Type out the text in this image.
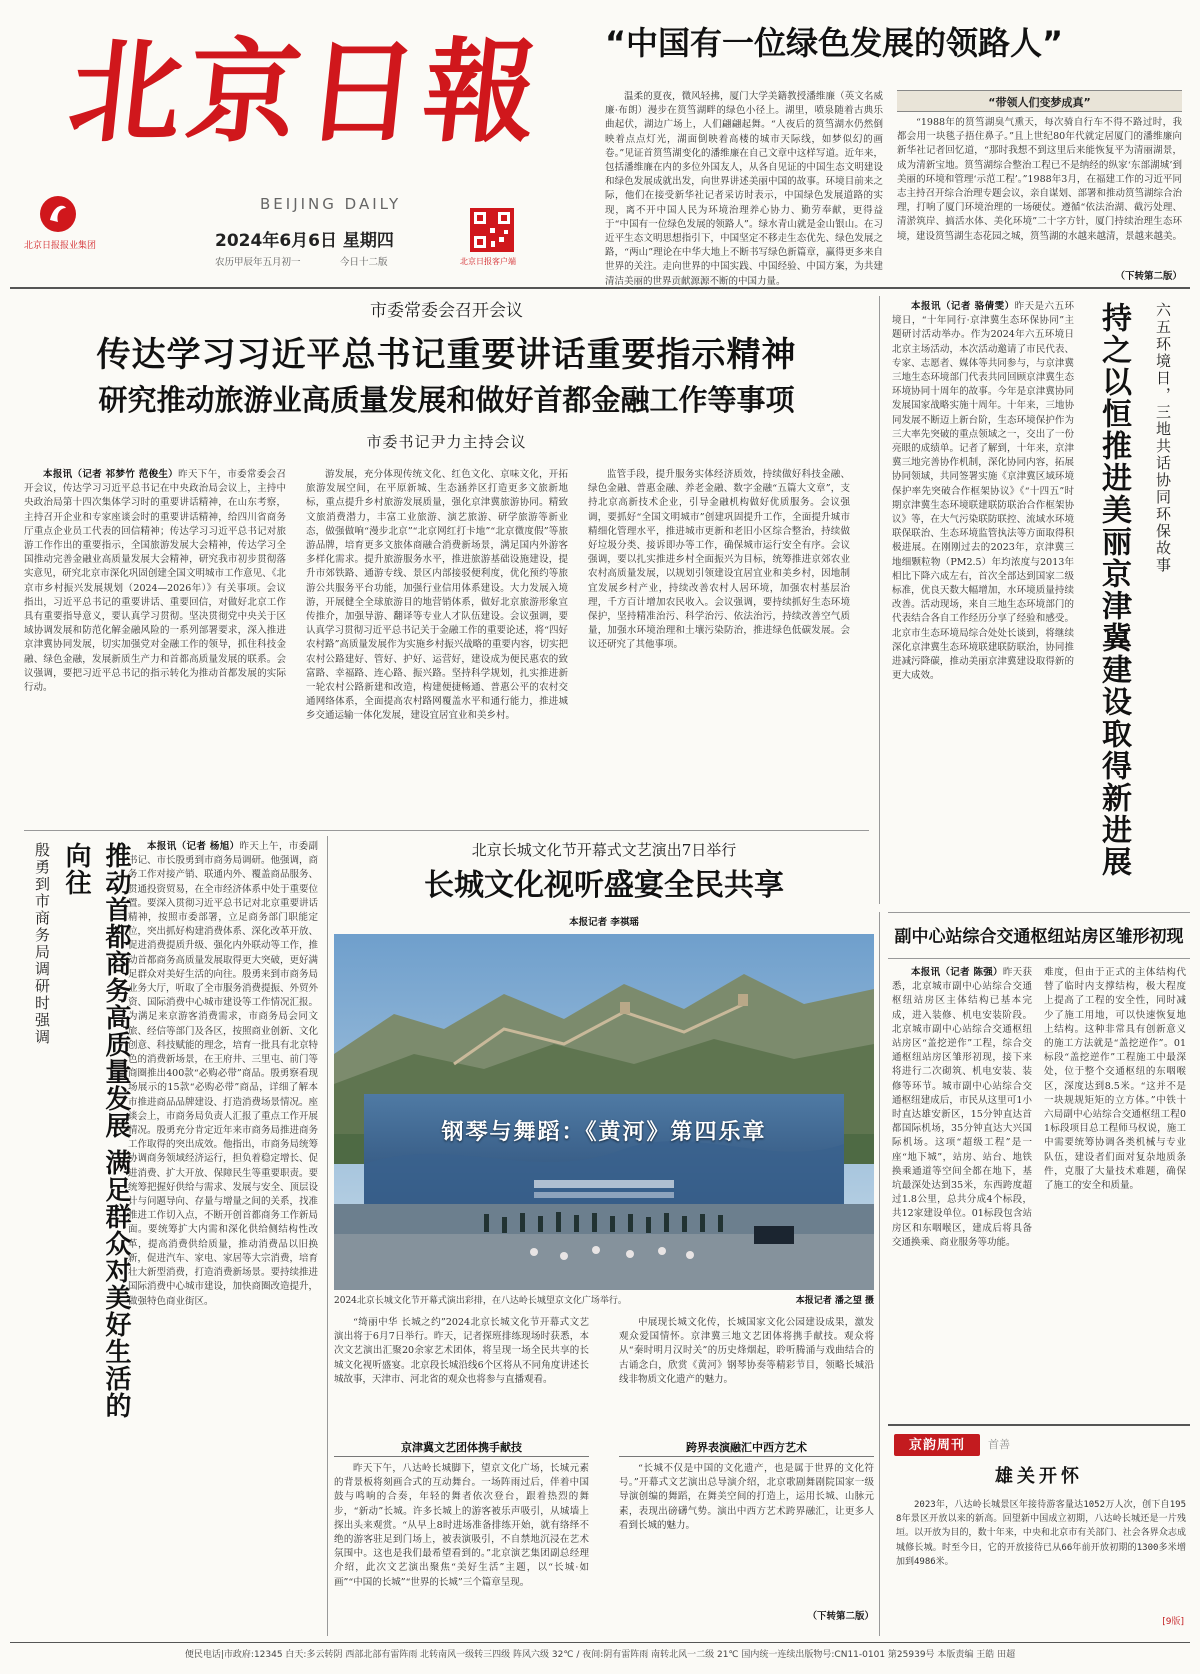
北京日報
BEIJING DAILY
北京日报报业集团	2024年6月6日 星期四
农历甲辰年五月初一	今日十二版	北京日报客户端
“中国有一位绿色发展的领路人”
温柔的夏夜，微风轻拂，厦门大学美籍教授潘维廉（英文名威廉·布朗）漫步在筼筜湖畔的绿色小径上。湖里，喷泉随着古典乐曲起伏，湖边广场上，人们翩翩起舞。“人夜后的筼筜湖水仍然倒映着点点灯光，湖面倒映着高楼的城市天际线，如梦似幻的画卷。”见证首筼筜湖变化的潘维廉在自己文章中这样写道。近年来，包括潘维廉在内的多位外国友人，从各自见证的中国生态文明建设和绿色发展成就出发，向世界讲述美丽中国的故事。环境目前来之际，他们在接受新华社记者采访时表示，中国绿色发展道路的实现，离不开中国人民为环境治理养心协力、勤劳奉献，更得益于“中国有一位绿色发展的领路人”。绿水青山就是金山银山。在习近平生态文明思想指引下，中国坚定不移走生态优先、绿色发展之路，“两山”理论在中华大地上不断书写绿色新篇章，赢得更多来自世界的关注。走向世界的中国实践、中国经验、中国方案，为共建清洁美丽的世界贡献源源不断的中国力量。
“带领人们变梦成真”
“1988年的筼筜湖臭气熏天，每次骑自行车不得不路过时，我都会用一块毯子捂住鼻子。”且上世纪80年代就定居厦门的潘维廉向新华社记者回忆道，“那时我想不到这里后来能恢复平为清丽湖景，成为清新宝地。筼筜湖综合整治工程已不是纳经的纵家‘东部湖城’到美丽的环境和管理‘示范工程’。”1988年3月，在福建工作的习近平同志主持召开综合治理专题会议，亲自谋划、部署和推动筼筜湖综合治理，打响了厦门环境治理的一场硬仗。遵循“依法治湖、截污处理、清淤筑岸、搞活水体、美化环境”二十字方针，厦门持续治理生态环境，建设筼筜湖生态花园之城，筼筜湖的水越来越清，景越来越美。
（下转第二版）
市委常委会召开会议
传达学习习近平总书记重要讲话重要指示精神
研究推动旅游业高质量发展和做好首都金融工作等事项
市委书记尹力主持会议
本报讯（记者 祁梦竹 范俊生）昨天下午，市委常委会召开会议，传达学习习近平总书记在中央政治局会议上，主持中央政治局第十四次集体学习时的重要讲话精神，在山东考察，主持召开企业和专家座谈会时的重要讲话精神，给四川省商务厅重点企业员工代表的回信精神；传达学习习近平总书记对旅游工作作出的重要指示，全国旅游发展大会精神，传达学习全国推动完善金融业高质量发展大会精神，研究我市初步贯彻落实意见，研究北京市深化巩固创建全国文明城市工作意见、《北京市乡村振兴发展规划（2024—2026年）》有关事项。会议指出，习近平总书记的重要讲话、重要回信，对做好北京工作具有重要指导意义，要认真学习贯彻。坚决贯彻党中央关于区域协调发展和防范化解金融风险的一系列部署要求，深入推进京津冀协同发展，切实加强党对金融工作的领导，抓住科技金融、绿色金融，发展新质生产力和首都高质量发展的联系。会议强调，要把习近平总书记的指示转化为推动首都发展的实际行动。
游发展，充分体现传统文化、红色文化、京味文化，开拓旅游发展空间，在平原新城、生态涵养区打造更多文旅新地标，重点提升乡村旅游发展质量，强化京津冀旅游协同。精致文旅消费潜力，丰富工业旅游、演艺旅游、研学旅游等新业态，做强做响“漫步北京”“北京网红打卡地”“北京微度假”等旅游品牌，培育更多文旅体商融合消费新场景，满足国内外游客多样化需求。提升旅游服务水平，推进旅游基础设施建设，提升市郊铁路、通游专线、景区内部接驳便利度，优化预约等旅游公共服务平台功能，加强行业信用体系建设。大力发展入境游，开展健全全球旅游目的地营销体系，做好北京旅游形象宣传推介，加强导游、翻译等专业人才队伍建设。会议强调，要认真学习贯彻习近平总书记关于金融工作的重要论述，将“四好农村路”高质量发展作为实施乡村振兴战略的重要内容，切实把农村公路建好、管好、护好、运营好，建设成为便民惠农的致富路、幸福路、连心路、振兴路。坚持科学规划，扎实推进新一轮农村公路新建和改造，构建便捷畅通、普惠公平的农村交通网络体系，全面提高农村路网覆盖水平和通行能力，推进城乡交通运输一体化发展，建设宜居宜业和美乡村。
监管手段，提升服务实体经济质效，持续做好科技金融、绿色金融、普惠金融、养老金融、数字金融“五篇大文章”，支持北京高新技术企业，引导金融机构做好优质服务。会议强调，要抓好“全国文明城市”创建巩固提升工作，全面提升城市精细化管理水平，推进城市更新和老旧小区综合整治，持续做好垃圾分类、接诉即办等工作，确保城市运行安全有序。会议强调，要以扎实推进乡村全面振兴为目标，统筹推进京郊农业农村高质量发展，以规划引领建设宜居宜业和美乡村，因地制宜发展乡村产业，持续改善农村人居环境，加强农村基层治理，千方百计增加农民收入。会议强调，要持续抓好生态环境保护，坚持精准治污、科学治污、依法治污，持续改善空气质量，加强水环境治理和土壤污染防治，推进绿色低碳发展。会议还研究了其他事项。
本报讯（记者 骆倩雯）昨天是六五环境日，“十年同行·京津冀生态环保协同”主题研讨活动举办。作为2024年六五环境日北京主场活动，本次活动邀请了市民代表、专家、志愿者、媒体等共同参与，与京津冀三地生态环境部门代表共同回顾京津冀生态环境协同十周年的故事。今年是京津冀协同发展国家战略实施十周年。十年来，三地协同发展不断迈上新台阶，生态环境保护作为三大率先突破的重点领域之一，交出了一份亮眼的成绩单。记者了解到，十年来，京津冀三地完善协作机制，深化协同内容，拓展协同领域，共同签署实施《京津冀区域环境保护率先突破合作框架协议》《“十四五”时期京津冀生态环境联建联防联治合作框架协议》等，在大气污染联防联控、流域水环境联保联治、生态环境监管执法等方面取得积极进展。在刚刚过去的2023年，京津冀三地细颗粒物（PM2.5）年均浓度与2013年相比下降六成左右，首次全部达到国家二级标准，优良天数大幅增加，水环境质量持续改善。活动现场，来自三地生态环境部门的代表结合各自工作经历分享了经验和感受。北京市生态环境局综合处处长谈到，将继续深化京津冀生态环境联建联防联治，协同推进减污降碳，推动美丽京津冀建设取得新的更大成效。
六五环境日，三地共话协同环保故事
持之以恒推进美丽京津冀建设取得新进展
殷勇到市商务局调研时强调	推动首都商务高质量发展 满足群众对美好生活的向往	本报讯（记者 杨旭）昨天上午，市委副书记、市长殷勇到市商务局调研。他强调，商务工作对接产销、联通内外、覆盖商品服务、贯通投资贸易，在全市经济体系中处于重要位置。要深入贯彻习近平总书记对北京重要讲话精神，按照市委部署，立足商务部门职能定位，突出抓好构建消费体系、深化改革开放、促进消费提质升级、强化内外联动等工作，推动首都商务高质量发展取得更大突破，更好满足群众对美好生活的向往。殷勇来到市商务局业务大厅，听取了全市服务消费提振、外贸外资、国际消费中心城市建设等工作情况汇报。为满足来京游客消费需求，市商务局会同文旅、经信等部门及各区，按照商业创新、文化创意、科技赋能的理念，培育一批具有北京特色的消费新场景，在王府井、三里屯、前门等商圈推出400款“必购必带”商品。殷勇察看现场展示的15款“必购必带”商品，详细了解本市推进商品品牌建设、打造消费场景情况。座谈会上，市商务局负责人汇报了重点工作开展情况。殷勇充分肯定近年来市商务局推进商务工作取得的突出成效。他指出，市商务局统筹协调商务领域经济运行，担负着稳定增长、促进消费、扩大开放、保障民生等重要职责。要统筹把握好供给与需求、发展与安全、顶层设计与问题导向、存量与增量之间的关系，找准推进工作切入点，不断开创首都商务工作新局面。要统筹扩大内需和深化供给侧结构性改革，提高消费供给质量，推动消费品以旧换新，促进汽车、家电、家居等大宗消费，培育壮大新型消费，打造消费新场景。要持续推进国际消费中心城市建设，加快商圈改造提升，做强特色商业街区。
北京长城文化节开幕式文艺演出7日举行
长城文化视听盛宴全民共享
本报记者 李祺瑶
钢琴与舞蹈：《黄河》第四乐章
2024北京长城文化节开幕式演出彩排，在八达岭长城望京文化广场举行。	本报记者 潘之望 摄
“绮丽中华 长城之约”2024北京长城文化节开幕式文艺演出将于6月7日举行。昨天，记者探班排练现场时获悉，本次文艺演出汇聚20余家艺术团体，将呈现一场全民共享的长城文化视听盛宴。北京段长城沿线6个区将从不同角度讲述长城故事，天津市、河北省的观众也将参与直播观看。
京津冀文艺团体携手献技
昨天下午，八达岭长城脚下，望京文化广场，长城元素的背景板将刻画合式的互动舞台。一场阵雨过后，伴着中国鼓与鸣响的合奏，年轻的舞者依次登台，跟着热烈的舞步，“新动”长城。许多长城上的游客被乐声吸引，从城墙上探出头来观赏。“从早上8时进场准备排练开始，就有络绎不绝的游客驻足到门场上，被表演吸引，不自禁地沉浸在艺术氛围中。这也是我们最希望看到的。”北京演艺集团副总经理介绍，此次文艺演出聚焦“美好生活”主题，以“长城·如画”“中国的长城”“世界的长城”三个篇章呈现。
中展现长城文化传，长城国家文化公园建设成果，激发观众爱国情怀。京津冀三地文艺团体将携手献技。观众将从“秦时明月汉时关”的历史烽烟起，聆听腾涌与戏曲结合的古诵念白，欣赏《黄河》钢琴协奏等精彩节目，领略长城沿线非物质文化遗产的魅力。
跨界表演融汇中西方艺术
“长城不仅是中国的文化遗产，也是属于世界的文化符号。”开幕式文艺演出总导演介绍，北京歌剧舞剧院国家一级导演创编的舞蹈，在舞美空间的打造上，运用长城、山脉元素，表现出磅礴气势。演出中西方艺术跨界融汇，让更多人看到长城的魅力。
（下转第二版）
副中心站综合交通枢纽站房区雏形初现
本报讯（记者 陈强）昨天获悉，北京城市副中心站综合交通枢纽站房区主体结构已基本完成，进入装修、机电安装阶段。北京城市副中心站综合交通枢纽站房区“盖挖逆作”工程，综合交通枢纽站房区雏形初现，接下来将进行二次砌筑、机电安装、装修等环节。城市副中心站综合交通枢纽建成后，市民从这里可1小时直达雄安新区，15分钟直达首都国际机场，35分钟直达大兴国际机场。这项“超级工程”是一座“地下城”，站房、站台、地铁换乘通道等空间全都在地下，基坑最深处达到35米，东西跨度超过1.8公里，总共分成4个标段，共12家建设单位。01标段包含站房区和东咽喉区，建成后将具备交通换乘、商业服务等功能。
难度，但由于正式的主体结构代替了临时内支撑结构，极大程度上提高了工程的安全性，同时减少了施工用地，可以快速恢复地上结构。这种非常具有创新意义的施工方法就是“盖挖逆作”。01标段“盖挖逆作”工程施工中最深处，位于整个交通枢纽的东咽喉区，深度达到8.5米。“这并不是一块规规矩矩的立方体。”中铁十六局副中心站综合交通枢纽工程01标段项目总工程师马权说，施工中需要统筹协调各类机械与专业队伍，建设者们面对复杂地质条件，克服了大量技术难题，确保了施工的安全和质量。
京韵周刊	首善
雄关开怀
2023年，八达岭长城景区年接待游客量达1052万人次，创下自1958年景区开放以来的新高。回望新中国成立初期，八达岭长城还是一片残垣。以开放为目的，数十年来，中央和北京市有关部门、社会各界众志成城修长城。时至今日，它的开放接待已从66年前开放初期的1300多米增加到4986米。
[9版]
便民电话|市政府:12345 白天:多云转阴 西部北部有雷阵雨 北转南风一级转三四级 阵风六级 32℃ / 夜间:阴有雷阵雨 南转北风一二级 21℃ 国内统一连续出版物号:CN11-0101 第25939号 本版责编 王皓 田超
